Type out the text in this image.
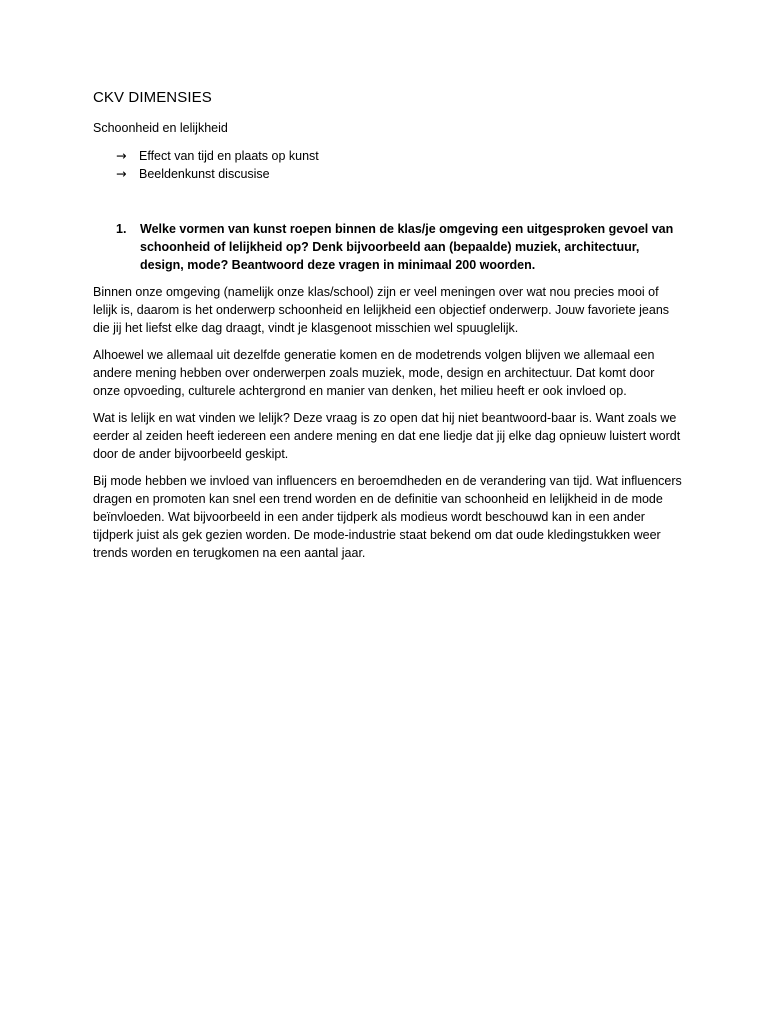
CKV DIMENSIES
Schoonheid en lelijkheid
→	Effect van tijd en plaats op kunst
→	Beeldenkunst discusise
1.	Welke vormen van kunst roepen binnen de klas/je omgeving een uitgesproken gevoel van schoonheid of lelijkheid op? Denk bijvoorbeeld aan (bepaalde) muziek, architectuur, design, mode? Beantwoord deze vragen in minimaal 200 woorden.

Binnen onze omgeving (namelijk onze klas/school) zijn er veel meningen over wat nou precies mooi of lelijk is, daarom is het onderwerp schoonheid en lelijkheid een objectief onderwerp. Jouw favoriete jeans die jij het liefst elke dag draagt, vindt je klasgenoot misschien wel spuuglelijk.

Alhoewel we allemaal uit dezelfde generatie komen en de modetrends volgen blijven we allemaal een andere mening hebben over onderwerpen zoals muziek, mode, design en architectuur. Dat komt door onze opvoeding, culturele achtergrond en manier van denken, het milieu heeft er ook invloed op.

Wat is lelijk en wat vinden we lelijk? Deze vraag is zo open dat hij niet beantwoord-baar is. Want zoals we eerder al zeiden heeft iedereen een andere mening en dat ene liedje dat jij elke dag opnieuw luistert wordt door de ander bijvoorbeeld geskipt.

Bij mode hebben we invloed van influencers en beroemdheden en de verandering van tijd. Wat influencers dragen en promoten kan snel een trend worden en de definitie van schoonheid en lelijkheid in de mode beïnvloeden. Wat bijvoorbeeld in een ander tijdperk als modieus wordt beschouwd kan in een ander tijdperk juist als gek gezien worden. De mode-industrie staat bekend om dat oude kledingstukken weer trends worden en terugkomen na een aantal jaar.
